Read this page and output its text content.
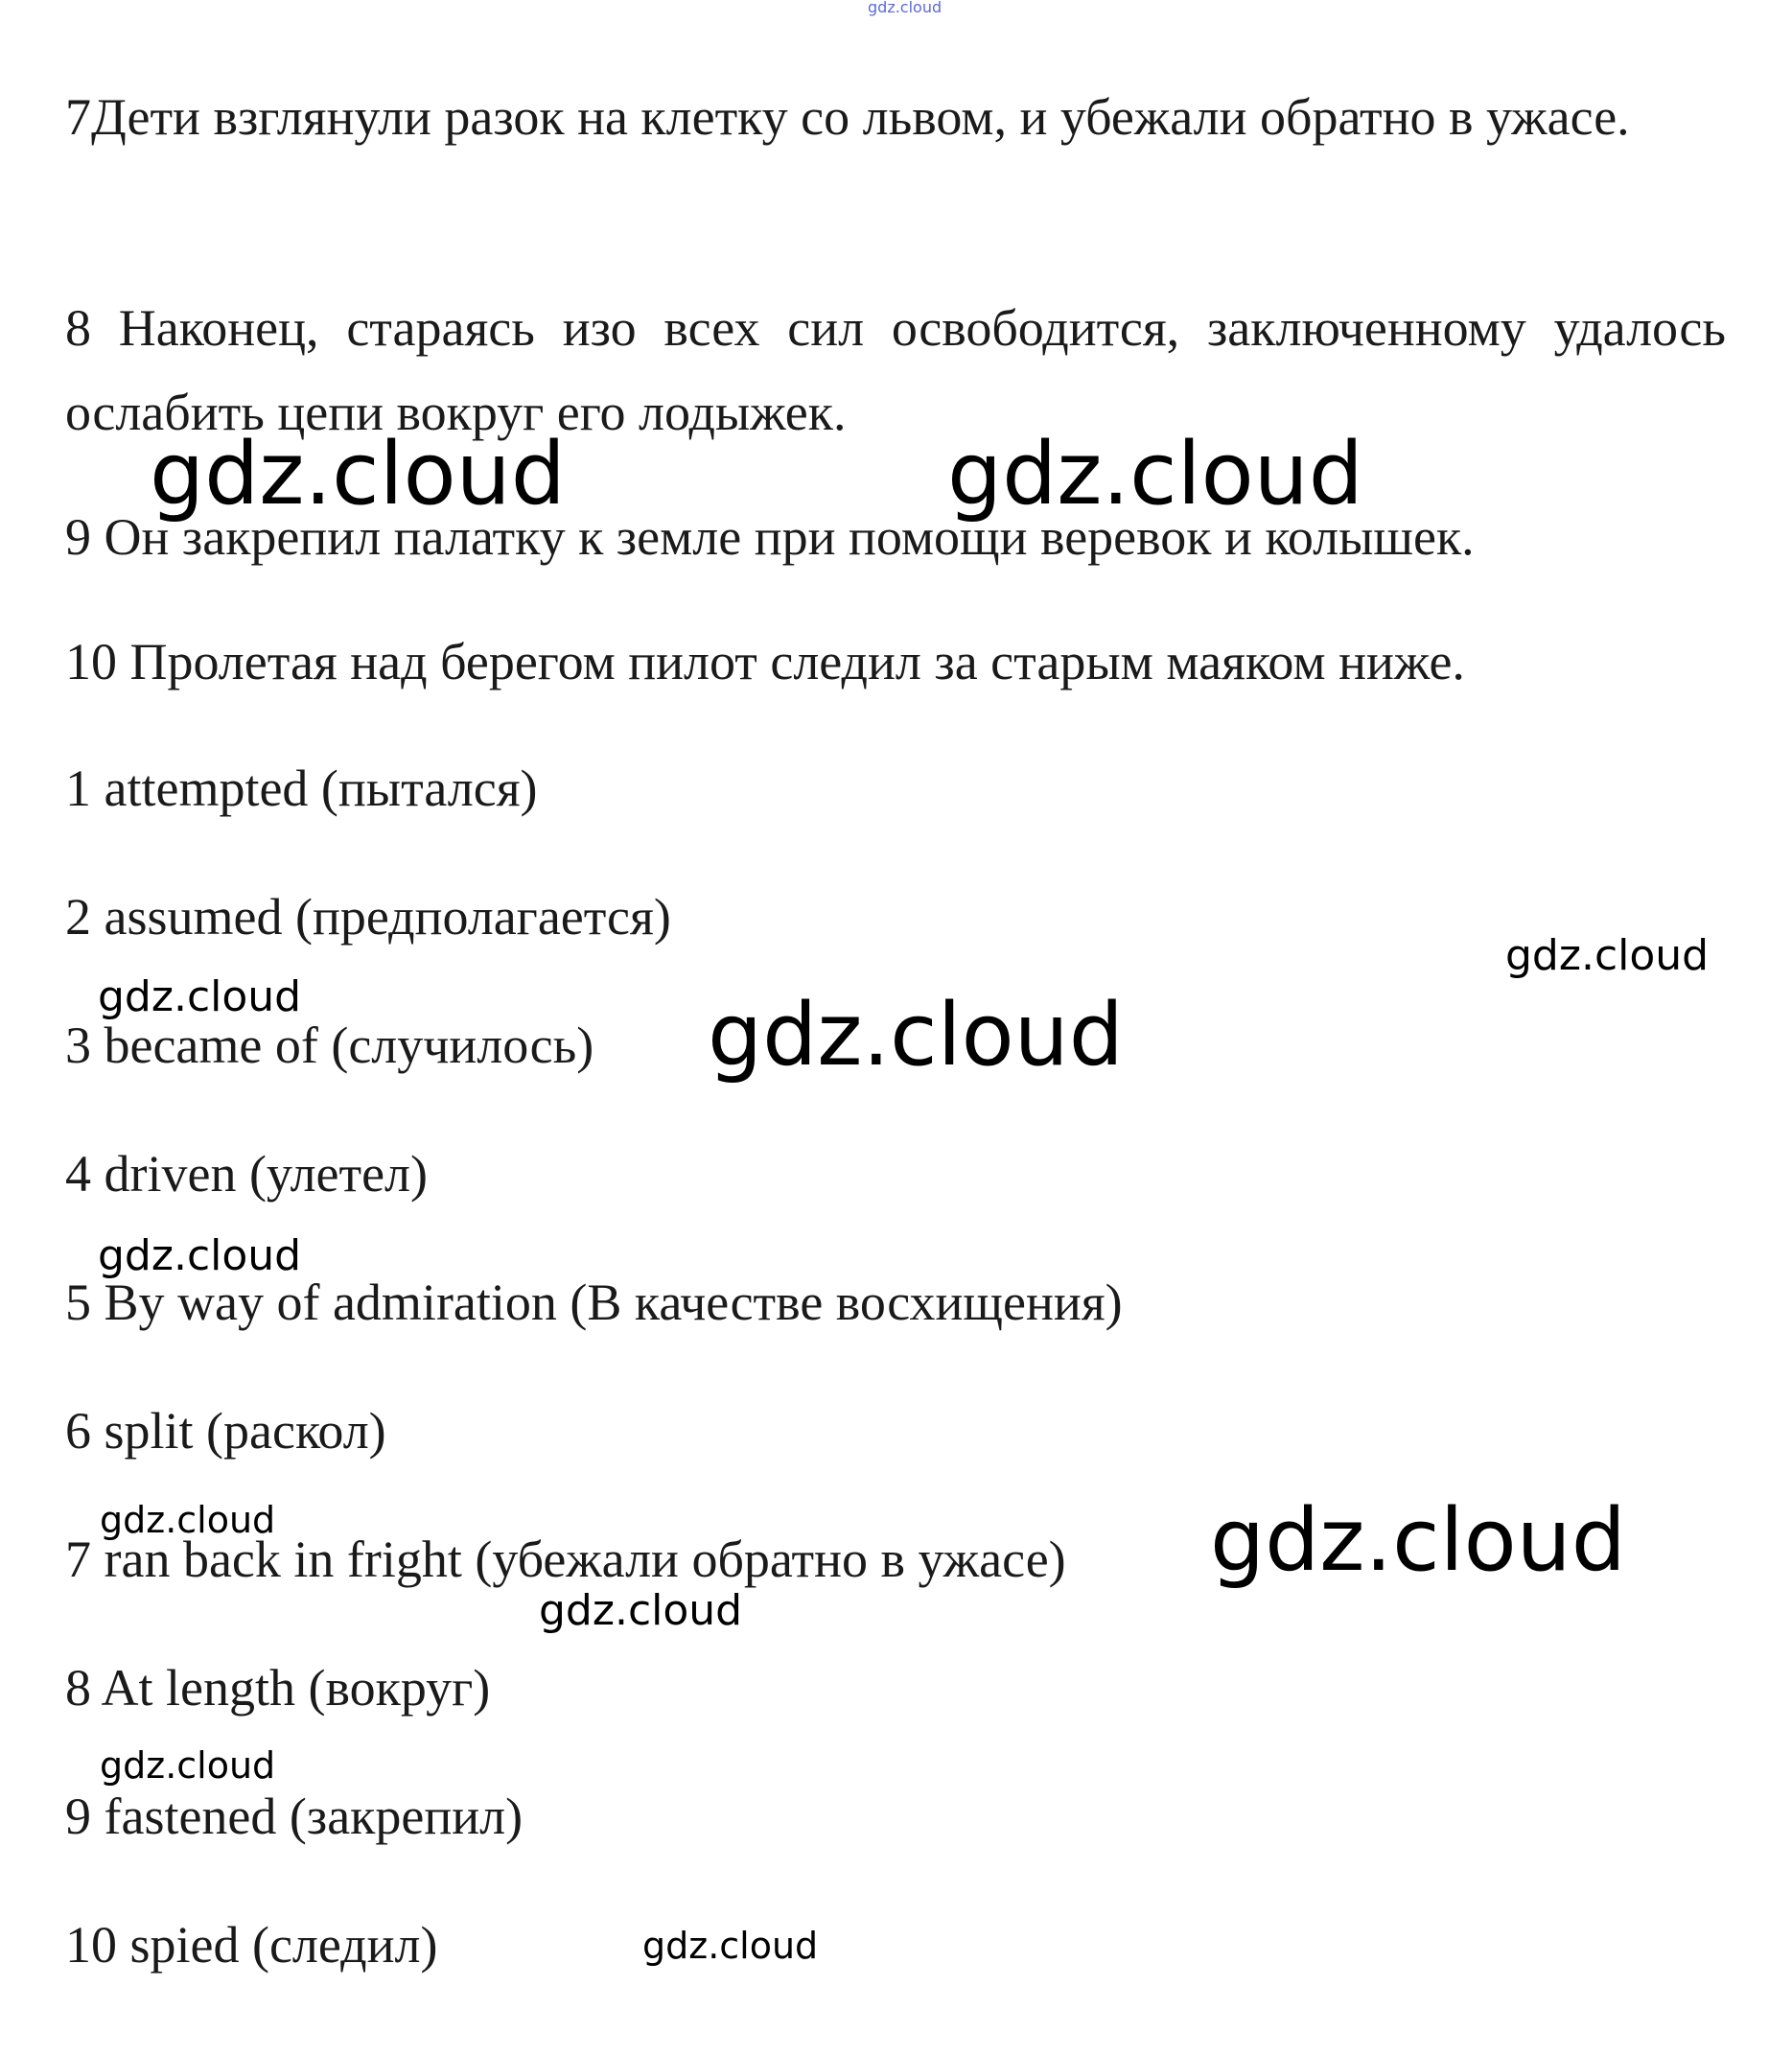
gdz.cloud

7Дети взглянули разок на клетку со львом, и убежали обратно в ужасе.

8 Наконец, стараясь изо всех сил освободится, заключенному удалось ослабить цепи вокруг его лодыжек.

9 Он закрепил палатку к земле при помощи веревок и колышек.

10 Пролетая над берегом пилот следил за старым маяком ниже.

1 attempted (пытался)

2 assumed (предполагается)

3 became of (случилось)

4 driven (улетел)

5 By way of admiration (В качестве восхищения)

6 split (раскол)

7 ran back in fright (убежали обратно в ужасе)

8 At length (вокруг)

9 fastened (закрепил)

10 spied (следил)

gdz.cloud	gdz.cloud
gdz.cloud
gdz.cloud	gdz.cloud
gdz.cloud
gdz.cloud	gdz.cloud
gdz.cloud
gdz.cloud
gdz.cloud
